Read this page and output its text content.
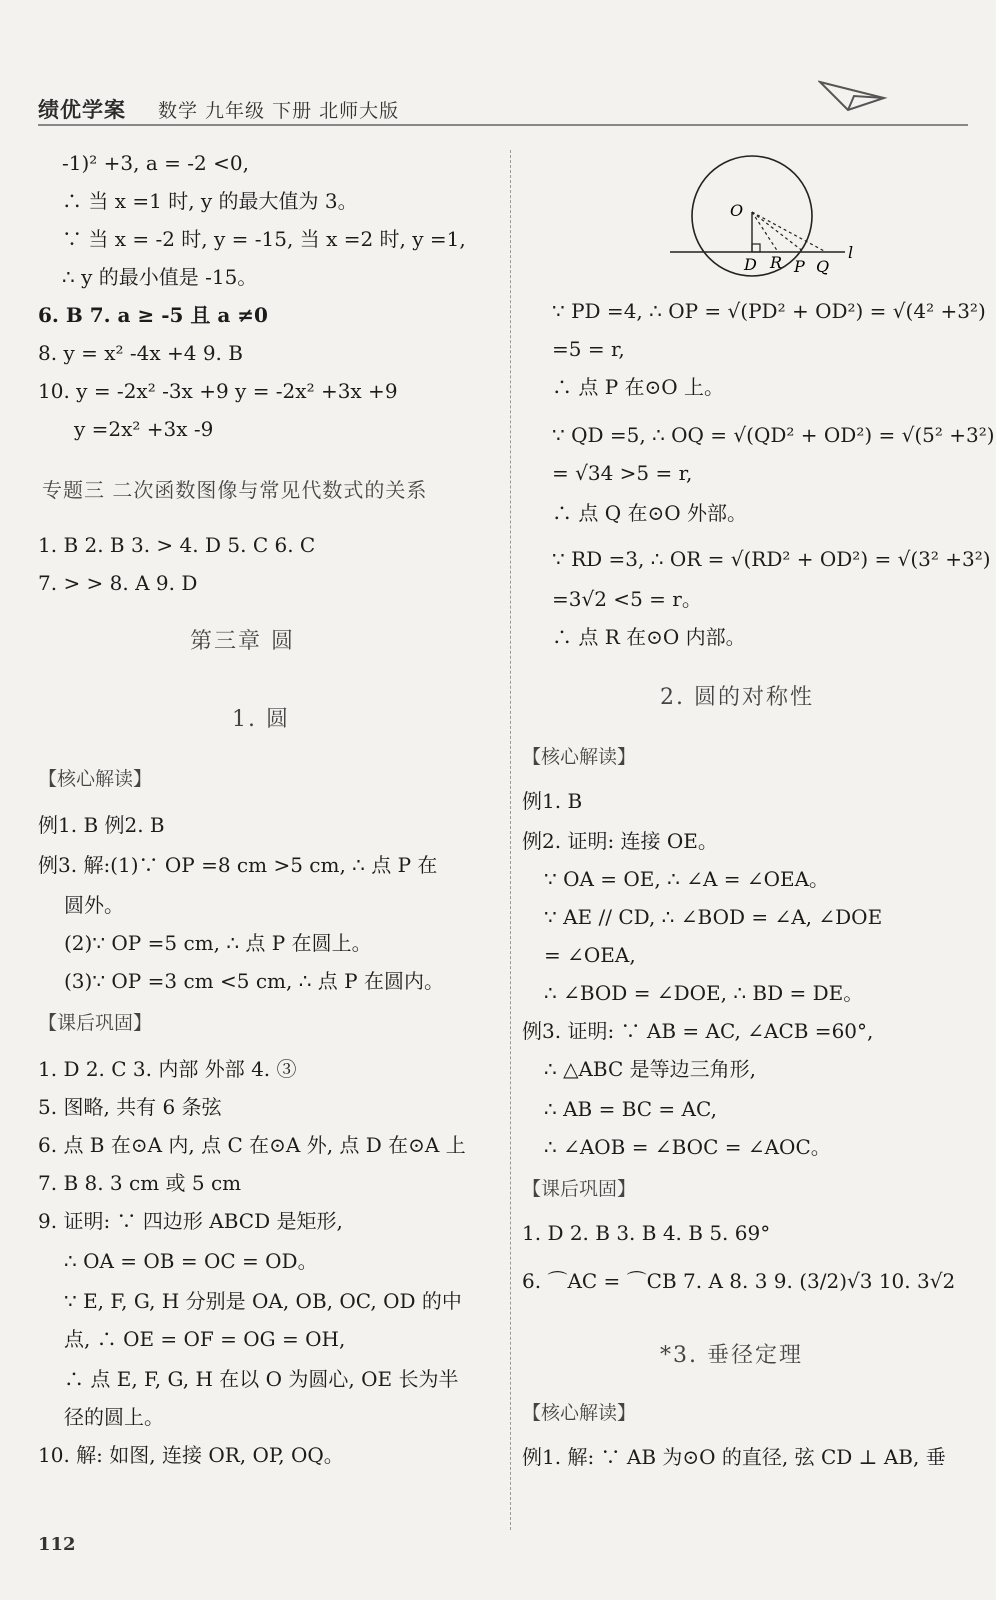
绩优学案 数学 九年级 下册 北师大版
-1)² +3, a = -2 <0,
∴ 当 x =1 时, y 的最大值为 3。
∵ 当 x = -2 时, y = -15, 当 x =2 时, y =1,
∴ y 的最小值是 -15。
6. B 7. a ≥ -5 且 a ≠0
8. y = x² -4x +4 9. B
10. y = -2x² -3x +9 y = -2x² +3x +9
y =2x² +3x -9
专题三 二次函数图像与常见代数式的关系
1. B 2. B 3. > 4. D 5. C 6. C
7. > > 8. A 9. D
第三章 圆
1. 圆
【核心解读】
例1. B 例2. B
例3. 解:(1)∵ OP =8 cm >5 cm, ∴ 点 P 在
圆外。
(2)∵ OP =5 cm, ∴ 点 P 在圆上。
(3)∵ OP =3 cm <5 cm, ∴ 点 P 在圆内。
【课后巩固】
1. D 2. C 3. 内部 外部 4. ③
5. 图略, 共有 6 条弦
6. 点 B 在⊙A 内, 点 C 在⊙A 外, 点 D 在⊙A 上
7. B 8. 3 cm 或 5 cm
9. 证明: ∵ 四边形 ABCD 是矩形,
∴ OA = OB = OC = OD。
∵ E, F, G, H 分别是 OA, OB, OC, OD 的中
点, ∴ OE = OF = OG = OH,
∴ 点 E, F, G, H 在以 O 为圆心, OE 长为半
径的圆上。
10. 解: 如图, 连接 OR, OP, OQ。
O
D R P Q
l
∵ PD =4, ∴ OP = √(PD² + OD²) = √(4² +3²)
=5 = r,
∴ 点 P 在⊙O 上。
∵ QD =5, ∴ OQ = √(QD² + OD²) = √(5² +3²)
= √34 >5 = r,
∴ 点 Q 在⊙O 外部。
∵ RD =3, ∴ OR = √(RD² + OD²) = √(3² +3²)
=3√2 <5 = r。
∴ 点 R 在⊙O 内部。
2. 圆的对称性
【核心解读】
例1. B
例2. 证明: 连接 OE。
∵ OA = OE, ∴ ∠A = ∠OEA。
∵ AE // CD, ∴ ∠BOD = ∠A, ∠DOE
= ∠OEA,
∴ ∠BOD = ∠DOE, ∴ BD = DE。
例3. 证明: ∵ AB = AC, ∠ACB =60°,
∴ △ABC 是等边三角形,
∴ AB = BC = AC,
∴ ∠AOB = ∠BOC = ∠AOC。
【课后巩固】
1. D 2. B 3. B 4. B 5. 69°
6. ⌒AC = ⌒CB 7. A 8. 3 9. (3/2)√3 10. 3√2
*3. 垂径定理
【核心解读】
例1. 解: ∵ AB 为⊙O 的直径, 弦 CD ⊥ AB, 垂
112
